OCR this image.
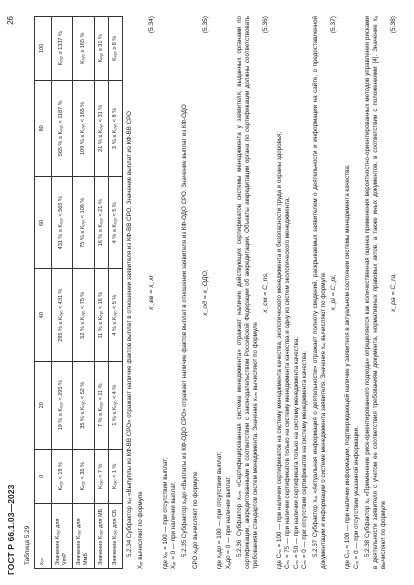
ГОСТ Р 66.1.03—2023
26
Таблица 5.29 xₒₙ	0	20	40	60	80	100
Значение Kₒᵧₒ для VmP	Kₒᵧₒ < 19 %	19 % ≤ Kₒᵧₒ < 295 %	295 % ≤ Kₒᵧₒ < 431 %	431 % ≤ Kₒᵧₒ < 565 %	565 % ≤ Kₒᵧₒ < 1187 %	Kₒᵧₒ ≥ 1337 %
Значение Kₒᵧₒ для МмБ	Kₒᵧₒ < 35 %	35 % ≤ Kₒᵧₒ < 52 %	52 % ≤ Kₒᵧₒ < 75 %	75 % ≤ Kₒᵧₒ < 109 %	109 % ≤ Kₒᵧₒ < 165 %	Kₒᵧₒ ≥ 165 %
Значение Kₒᵧₒ для МБ	Kₒᵧₒ < 7 %	7 % ≤ Kₒᵧₒ < 11 %	11 % ≤ Kₒᵧₒ < 16 %	16 % ≤ Kₒᵧₒ < 21 %	21 % ≤ Kₒᵧₒ < 31 %	Kₒᵧₒ ≥ 31 %
Значение Kₒᵧₒ для СБ	Kₒᵧₒ < 1 %	1 % ≤ Kₒᵧₒ < 4 %	4 % ≤ Kₒᵧₒ < 5 %	4 % ≤ Kₒᵧₒ < 5 %	5 % ≤ Kₒᵧₒ < 8 %	Kₒᵧₒ ≥ 8 %
5.2.34 Субфактор xₓᵣ «Выпуплы из КФ-ВВ СРО» отражает наличие фактов выплат в отношении заявителя из КФ-ВВ СРО. Значение выплат из КФ-ВВ СРО Xₓᵣ вычисляют по формуле
x_вв = x_xr
(5.34)
где xₓᵣ = 100 — при отсутствии выплат; Xₓᵣ = 0 — при наличии выплат. 5.2.35 Субфактор xₒдо «Выплаты из КФ-ОДО СРО» отражает наличие фактов выплат в отношении заявителя из КФ-ОДО СРО. Значение выплат из КФ-ОДО СРО xₒдо вычисляют по формуле
x_од = x_ОДО,
(5.35)
где xₒдо = 100 — при отсутствии выплат; Xₒдо = 0 — при наличии выплат. 5.2.36 Субфактор xₛₘ «Сертифицированная система менеджмента» отражает наличие действующих сертификатов системы менеджмента у заявителя, выданных органами по сертификации, аккредитованными в соответствии с законодательством Российской Федерации об аккредитации. Объекты аккредитации органа по сертификации должны соответствовать требованиям стандартов систем менеджмента. Значение xₛₘ вычисляют по формуле
x_см = C_ns,
(5.36)
где Cₙₛ = 100 — при наличии сертификатов на систему менеджмента качества, экологического менеджмента и безопасности труда и охраны здоровья; Cₙₛ = 75 — при наличии сертификатов только на систему менеджмента качества и одну из систем экологического менеджмента; Cₙₛ = 50 — при наличии сертификата только на систему менеджмента качества; Cₙₛ = 0 — при отсутствии сертификатов на систему менеджмента качества. 5.2.37 Субфактор xₚᵢ «Актуальная информация о деятельности» отражает полноту сведений, раскрываемых заявителем о деятельности и информации на сайте, о предоставленной документации и информации о системе менеджмента заявителя. Значение xₚᵢ вычисляют по формуле x_pi = C_pi,
(5.37)
где Cₚᵢ = 100 — при наличии информации, подтверждающей наличие у заявителя в актуальном состоянии системы менеджмента качества; Cₚᵢ = 0 — при отсутствии указанной информации. 5.2.38 Субфактор xₐ «Применение риск-ориентированного подхода» определяется как количественная оценка применения вероятностно-ориентированных методов управления рисками в деятельности заявителя с учетом ее соответствия требованиям документа, нормативных правовых актов, а также иных документов, в соответствии с положениями [4]. Значение xₐ вычисляют по формуле
x_ра = C_ra,
(5.38)
